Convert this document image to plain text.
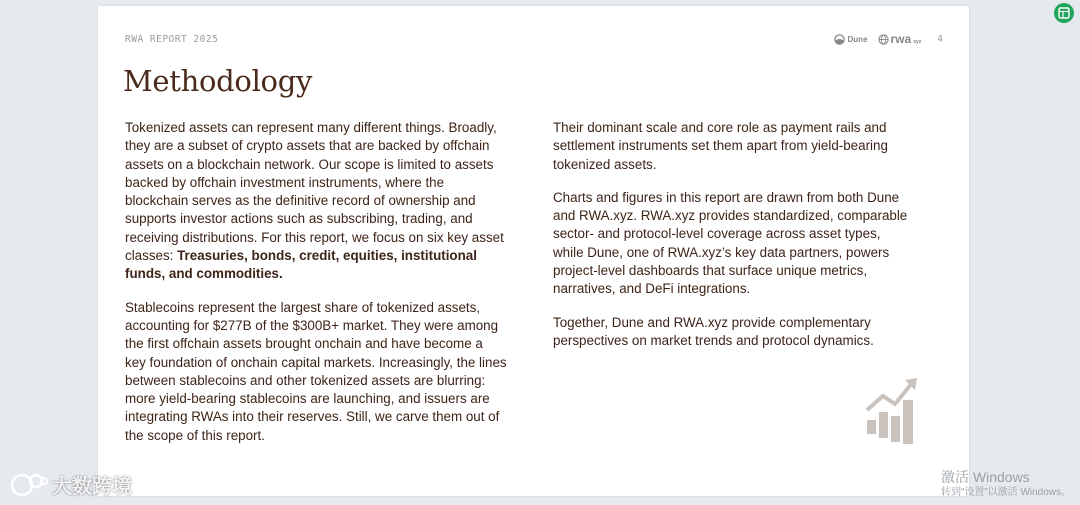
RWA REPORT 2025	Dune rwa xyz 4
Methodology

Tokenized assets can represent many different things. Broadly, they are a subset of crypto assets that are backed by offchain assets on a blockchain network. Our scope is limited to assets backed by offchain investment instruments, where the blockchain serves as the definitive record of ownership and supports investor actions such as subscribing, trading, and receiving distributions. For this report, we focus on six key asset classes: Treasuries, bonds, credit, equities, institutional funds, and commodities.

Stablecoins represent the largest share of tokenized assets, accounting for $277B of the $300B+ market. They were among the first offchain assets brought onchain and have become a key foundation of onchain capital markets. Increasingly, the lines between stablecoins and other tokenized assets are blurring: more yield-bearing stablecoins are launching, and issuers are integrating RWAs into their reserves. Still, we carve them out of the scope of this report.

Their dominant scale and core role as payment rails and settlement instruments set them apart from yield-bearing tokenized assets.

Charts and figures in this report are drawn from both Dune and RWA.xyz. RWA.xyz provides standardized, comparable sector- and protocol-level coverage across asset types, while Dune, one of RWA.xyz’s key data partners, powers project-level dashboards that surface unique metrics, narratives, and DeFi integrations.

Together, Dune and RWA.xyz provide complementary perspectives on market trends and protocol dynamics.

大数跨境	激活 Windows
转到“设置”以激活 Windows。
